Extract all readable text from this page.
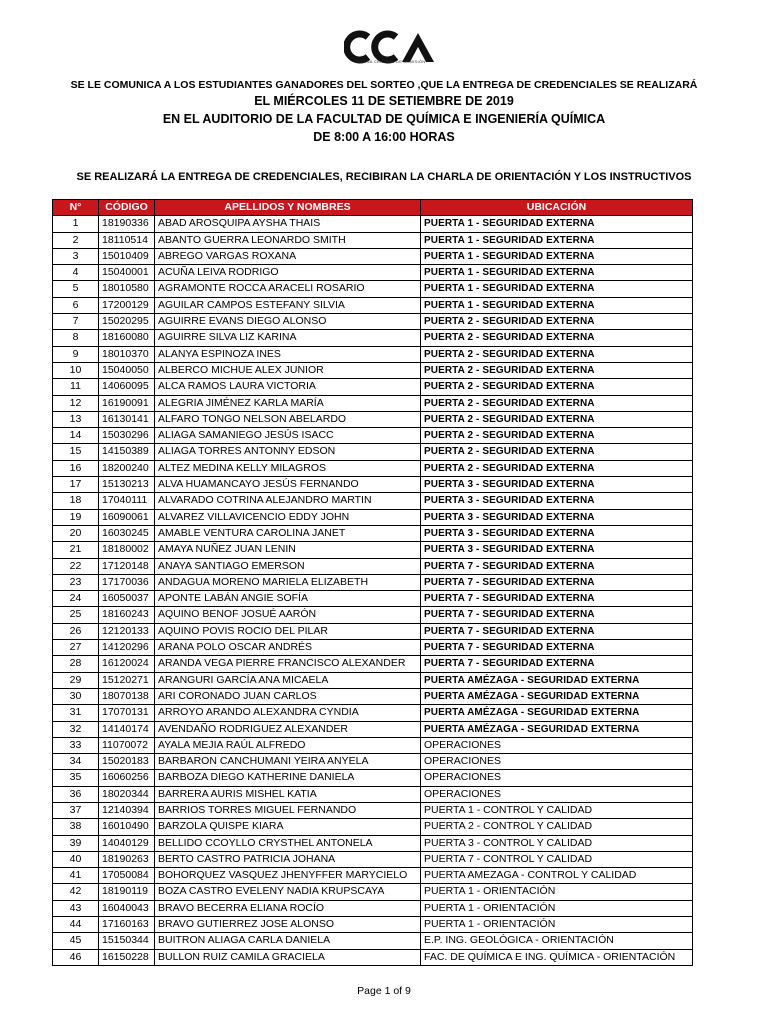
OFICINA CENTRAL DE ADMISIÓN
SE LE COMUNICA A LOS ESTUDIANTES GANADORES DEL SORTEO ,QUE LA ENTREGA DE CREDENCIALES SE REALIZARÁ
EL MIÉRCOLES 11 DE SETIEMBRE DE 2019
EN EL AUDITORIO DE LA FACULTAD DE QUÍMICA E INGENIERÍA QUÍMICA
DE 8:00 A 16:00 HORAS
SE REALIZARÁ LA ENTREGA DE CREDENCIALES, RECIBIRAN LA CHARLA DE ORIENTACIÓN Y LOS INSTRUCTIVOS
N°	CÓDIGO	APELLIDOS Y NOMBRES	UBICACIÓN
1	18190336	ABAD AROSQUIPA AYSHA THAIS	PUERTA 1 - SEGURIDAD EXTERNA
2	18110514	ABANTO GUERRA LEONARDO SMITH	PUERTA 1 - SEGURIDAD EXTERNA
3	15010409	ABREGO VARGAS ROXANA	PUERTA 1 - SEGURIDAD EXTERNA
4	15040001	ACUÑA LEIVA RODRIGO	PUERTA 1 - SEGURIDAD EXTERNA
5	18010580	AGRAMONTE ROCCA ARACELI ROSARIO	PUERTA 1 - SEGURIDAD EXTERNA
6	17200129	AGUILAR CAMPOS ESTEFANY SILVIA	PUERTA 1 - SEGURIDAD EXTERNA
7	15020295	AGUIRRE EVANS DIEGO ALONSO	PUERTA 2 - SEGURIDAD EXTERNA
8	18160080	AGUIRRE SILVA LIZ KARINA	PUERTA 2 - SEGURIDAD EXTERNA
9	18010370	ALANYA ESPINOZA INES	PUERTA 2 - SEGURIDAD EXTERNA
10	15040050	ALBERCO MICHUE ALEX JUNIOR	PUERTA 2 - SEGURIDAD EXTERNA
11	14060095	ALCA RAMOS LAURA VICTORIA	PUERTA 2 - SEGURIDAD EXTERNA
12	16190091	ALEGRIA JIMÉNEZ KARLA MARÍA	PUERTA 2 - SEGURIDAD EXTERNA
13	16130141	ALFARO TONGO NELSON ABELARDO	PUERTA 2 - SEGURIDAD EXTERNA
14	15030296	ALIAGA SAMANIEGO JESÚS ISACC	PUERTA 2 - SEGURIDAD EXTERNA
15	14150389	ALIAGA TORRES ANTONNY EDSON	PUERTA 2 - SEGURIDAD EXTERNA
16	18200240	ALTEZ MEDINA KELLY MILAGROS	PUERTA 2 - SEGURIDAD EXTERNA
17	15130213	ALVA HUAMANCAYO JESÚS FERNANDO	PUERTA 3 - SEGURIDAD EXTERNA
18	17040111	ALVARADO COTRINA ALEJANDRO MARTIN	PUERTA 3 - SEGURIDAD EXTERNA
19	16090061	ALVAREZ VILLAVICENCIO EDDY JOHN	PUERTA 3 - SEGURIDAD EXTERNA
20	16030245	AMABLE VENTURA CAROLINA JANET	PUERTA 3 - SEGURIDAD EXTERNA
21	18180002	AMAYA NUÑEZ JUAN LENIN	PUERTA 3 - SEGURIDAD EXTERNA
22	17120148	ANAYA SANTIAGO EMERSON	PUERTA 7 - SEGURIDAD EXTERNA
23	17170036	ANDAGUA MORENO MARIELA ELIZABETH	PUERTA 7 - SEGURIDAD EXTERNA
24	16050037	APONTE LABÁN ANGIE SOFÍA	PUERTA 7 - SEGURIDAD EXTERNA
25	18160243	AQUINO BENOF JOSUÉ AARÓN	PUERTA 7 - SEGURIDAD EXTERNA
26	12120133	AQUINO POVIS ROCIO DEL PILAR	PUERTA 7 - SEGURIDAD EXTERNA
27	14120296	ARANA POLO OSCAR ANDRÉS	PUERTA 7 - SEGURIDAD EXTERNA
28	16120024	ARANDA VEGA PIERRE FRANCISCO ALEXANDER	PUERTA 7 - SEGURIDAD EXTERNA
29	15120271	ARANGURI GARCÍA ANA MICAELA	PUERTA AMÉZAGA - SEGURIDAD EXTERNA
30	18070138	ARI CORONADO JUAN CARLOS	PUERTA AMÉZAGA - SEGURIDAD EXTERNA
31	17070131	ARROYO ARANDO ALEXANDRA CYNDIA	PUERTA AMÉZAGA - SEGURIDAD EXTERNA
32	14140174	AVENDAÑO RODRIGUEZ ALEXANDER	PUERTA AMÉZAGA - SEGURIDAD EXTERNA
33	11070072	AYALA MEJIA RAÚL ALFREDO	OPERACIONES
34	15020183	BARBARON CANCHUMANI YEIRA ANYELA	OPERACIONES
35	16060256	BARBOZA DIEGO KATHERINE DANIELA	OPERACIONES
36	18020344	BARRERA AURIS MISHEL KATIA	OPERACIONES
37	12140394	BARRIOS TORRES MIGUEL FERNANDO	PUERTA 1 - CONTROL Y CALIDAD
38	16010490	BARZOLA QUISPE KIARA	PUERTA 2 - CONTROL Y CALIDAD
39	14040129	BELLIDO CCOYLLO CRYSTHEL ANTONELA	PUERTA 3 - CONTROL Y CALIDAD
40	18190263	BERTO CASTRO PATRICIA JOHANA	PUERTA 7 - CONTROL Y CALIDAD
41	17050084	BOHORQUEZ VASQUEZ JHENYFFER MARYCIELO	PUERTA AMEZAGA - CONTROL Y CALIDAD
42	18190119	BOZA CASTRO EVELENY NADIA KRUPSCAYA	PUERTA 1 - ORIENTACIÓN
43	16040043	BRAVO BECERRA ELIANA ROCÍO	PUERTA 1 - ORIENTACIÓN
44	17160163	BRAVO GUTIERREZ JOSE ALONSO	PUERTA 1 - ORIENTACIÓN
45	15150344	BUITRON ALIAGA CARLA DANIELA	E.P. ING. GEOLÓGICA - ORIENTACIÓN
46	16150228	BULLON RUIZ CAMILA GRACIELA	FAC. DE QUÍMICA E ING. QUÍMICA - ORIENTACIÓN
Page 1 of 9
